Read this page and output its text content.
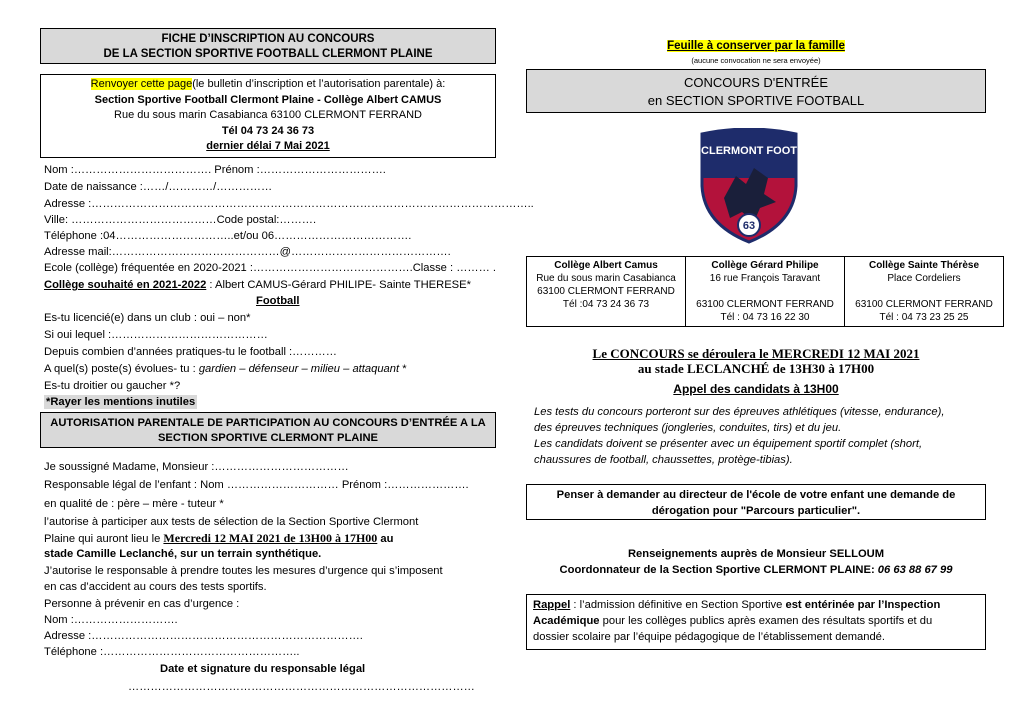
FICHE D’INSCRIPTION AU CONCOURS
DE LA SECTION SPORTIVE FOOTBALL CLERMONT PLAINE
Renvoyer cette page(le bulletin d’inscription et l’autorisation parentale) à:
Section Sportive Football Clermont Plaine - Collège Albert CAMUS
Rue du sous marin Casabianca 63100 CLERMONT FERRAND
Tél 04 73 24 36 73
dernier délai 7 Mai 2021
Nom :………………………………. Prénom :…………………………….
Date de naissance :……/…………/……………
Adresse :………………………………………………………………………………………………………..
Ville: …………………………………Code postal:……….
Téléphone :04…………………………..et/ou 06……………………………….
Adresse mail:………………………………………@…………………………………….
Ecole (collège) fréquentée en 2020-2021 :…………………………………….Classe : ……… .
Collège souhaité en 2021-2022 : Albert CAMUS-Gérard PHILIPE- Sainte THERESE*
Football
Es-tu licencié(e) dans un club : oui – non*
Si oui lequel :……………………………………
Depuis combien d’années pratiques-tu le football :…………
A quel(s) poste(s) évolues- tu : gardien – défenseur – milieu – attaquant *
Es-tu droitier ou gaucher *?
*Rayer les mentions inutiles
AUTORISATION PARENTALE DE PARTICIPATION AU CONCOURS D’ENTRÉE A LA
SECTION SPORTIVE CLERMONT PLAINE
Je soussigné Madame, Monsieur :………………………………
Responsable légal de l’enfant : Nom ………………………… Prénom :………………….
en qualité de : père – mère - tuteur *
l’autorise à participer aux tests de sélection de la Section Sportive Clermont
Plaine qui auront lieu le Mercredi 12 MAI 2021 de 13H00 à 17H00 au
stade Camille Leclanché, sur un terrain synthétique.
J’autorise le responsable à prendre toutes les mesures d’urgence qui s’imposent
en cas d’accident au cours des tests sportifs.
Personne à prévenir en cas d’urgence :
Nom :……………………….
Adresse :……………………………………………………………….
Téléphone :……………………………………………..
Date et signature du responsable légal
…………………………………………………………………………………
Feuille à conserver par la famille
(aucune convocation ne sera envoyée)
CONCOURS D'ENTRÉE
en SECTION SPORTIVE FOOTBALL
CLERMONT FOOT
63
Collège Albert Camus
Rue du sous marin Casabianca
63100 CLERMONT FERRAND
Tél :04 73 24 36 73

Collège Gérard Philipe
16 rue François Taravant
63100 CLERMONT FERRAND
Tél : 04 73 16 22 30

Collège Sainte Thérèse
Place Cordeliers
63100 CLERMONT FERRAND
Tél : 04 73 23 25 25
Le CONCOURS se déroulera le MERCREDI 12 MAI 2021
au stade LECLANCHÉ de 13H30 à 17H00
Appel des candidats à 13H00
Les tests du concours porteront sur des épreuves athlétiques (vitesse, endurance),
des épreuves techniques (jongleries, conduites, tirs) et du jeu.
Les candidats doivent se présenter avec un équipement sportif complet (short,
chaussures de football, chaussettes, protège-tibias).
Penser à demander au directeur de l'école de votre enfant une demande de
dérogation pour "Parcours particulier".
Renseignements auprès de Monsieur SELLOUM
Coordonnateur de la Section Sportive CLERMONT PLAINE: 06 63 88 67 99
Rappel : l’admission définitive en Section Sportive est entérinée par l’Inspection
Académique pour les collèges publics après examen des résultats sportifs et du
dossier scolaire par l’équipe pédagogique de l’établissement demandé.
